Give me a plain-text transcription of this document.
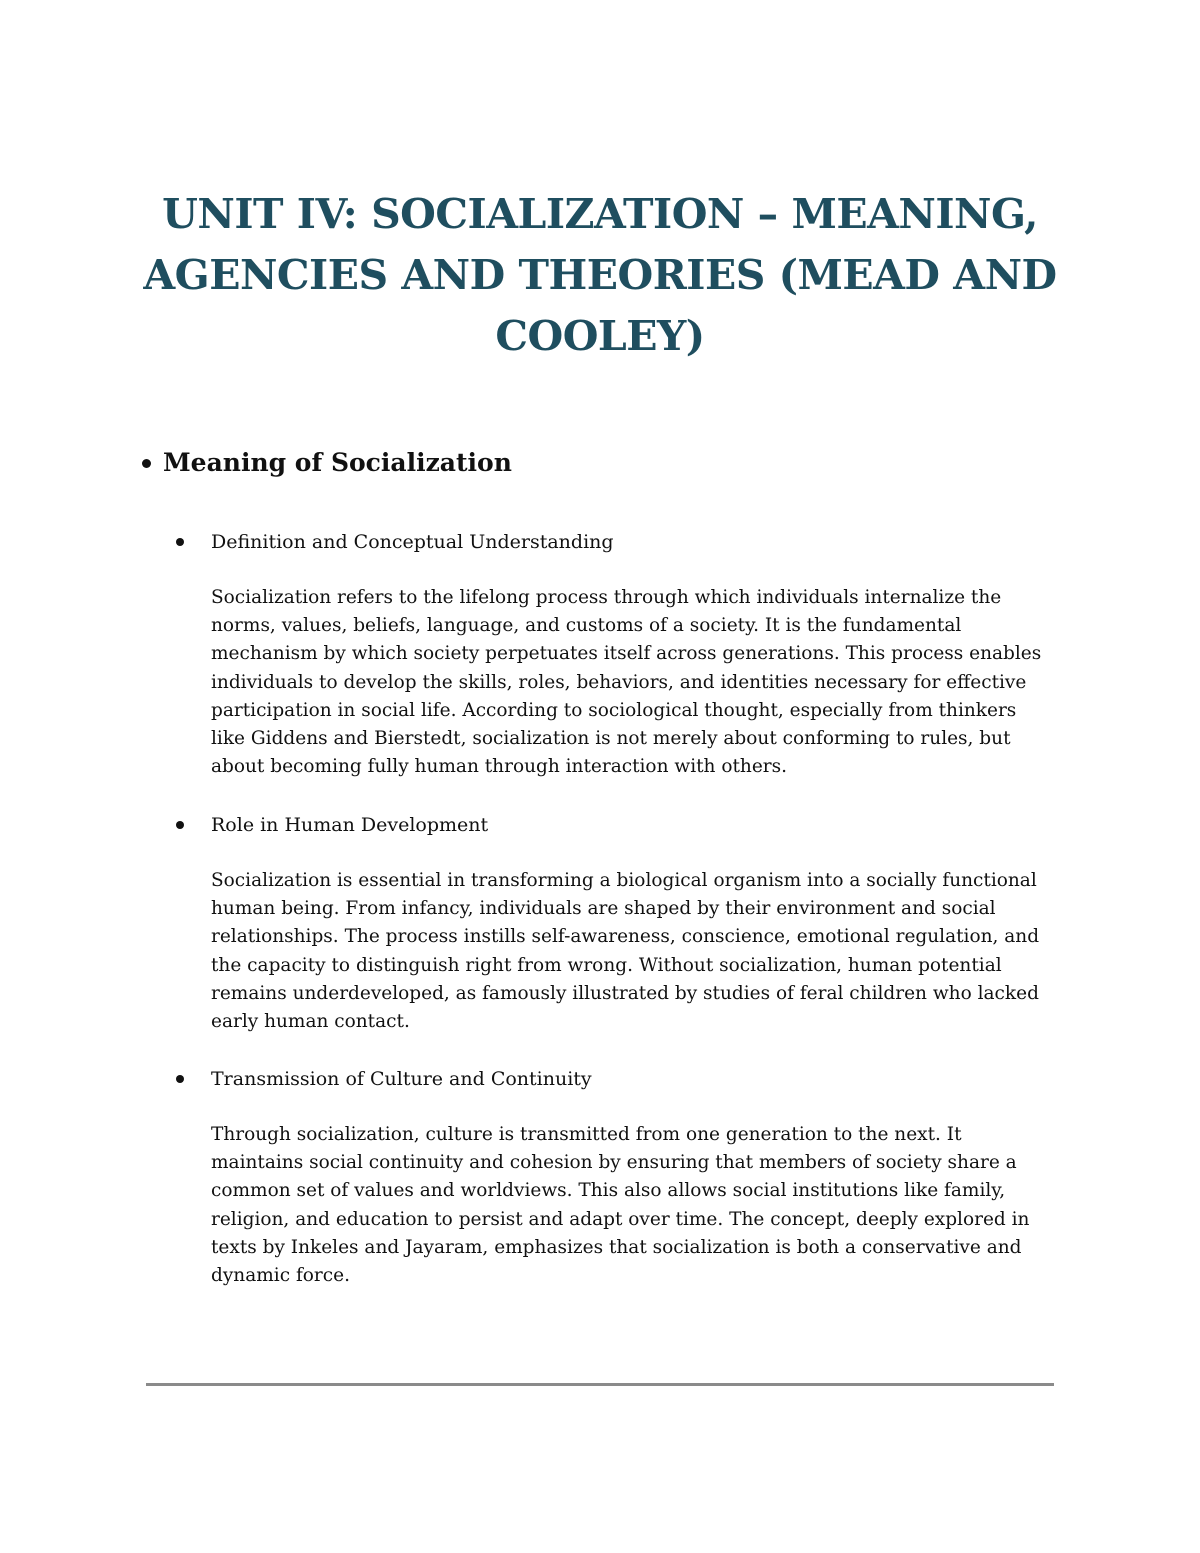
UNIT IV: SOCIALIZATION – MEANING, AGENCIES AND THEORIES (MEAD AND COOLEY)
Meaning of Socialization
Definition and Conceptual Understanding
Socialization refers to the lifelong process through which individuals internalize the
norms, values, beliefs, language, and customs of a society. It is the fundamental
mechanism by which society perpetuates itself across generations. This process enables
individuals to develop the skills, roles, behaviors, and identities necessary for effective
participation in social life. According to sociological thought, especially from thinkers
like Giddens and Bierstedt, socialization is not merely about conforming to rules, but
about becoming fully human through interaction with others.
Role in Human Development
Socialization is essential in transforming a biological organism into a socially functional
human being. From infancy, individuals are shaped by their environment and social
relationships. The process instills self-awareness, conscience, emotional regulation, and
the capacity to distinguish right from wrong. Without socialization, human potential
remains underdeveloped, as famously illustrated by studies of feral children who lacked
early human contact.
Transmission of Culture and Continuity
Through socialization, culture is transmitted from one generation to the next. It
maintains social continuity and cohesion by ensuring that members of society share a
common set of values and worldviews. This also allows social institutions like family,
religion, and education to persist and adapt over time. The concept, deeply explored in
texts by Inkeles and Jayaram, emphasizes that socialization is both a conservative and
dynamic force.
